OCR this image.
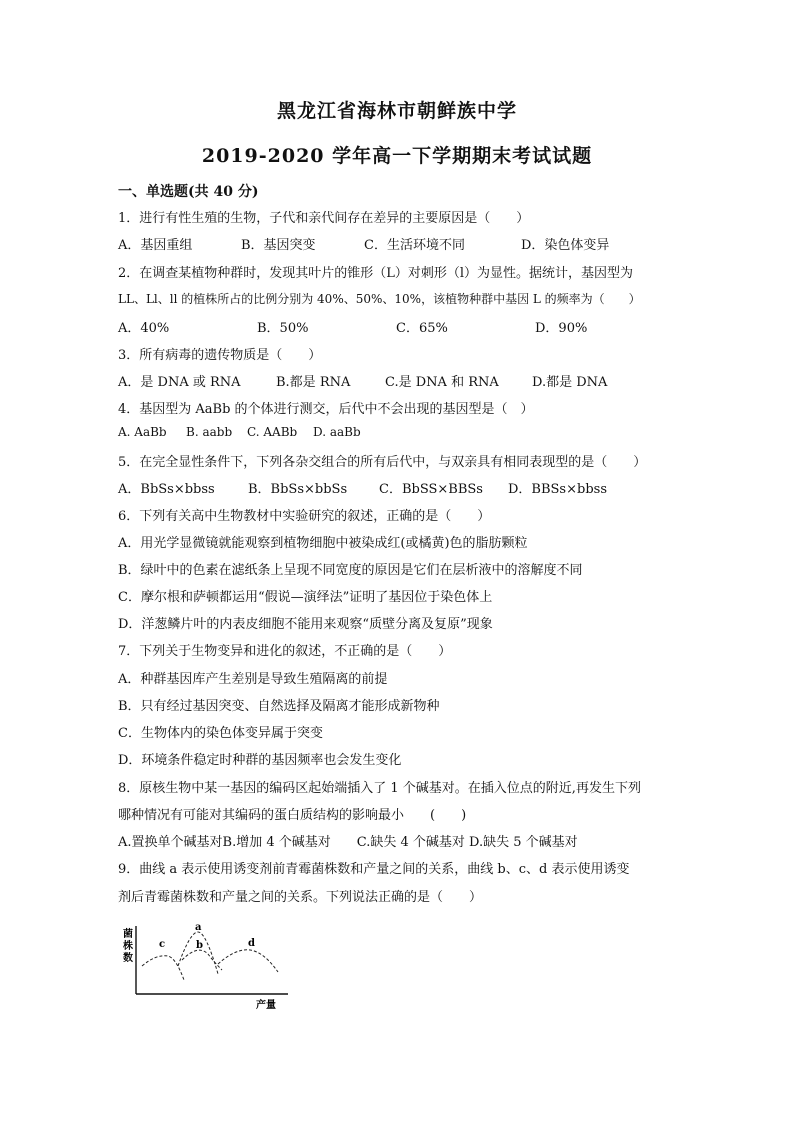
黑龙江省海林市朝鲜族中学
2019-2020 学年高一下学期期末考试试题
一、单选题(共 40 分)
1．进行有性生殖的生物，子代和亲代间存在差异的主要原因是（　　）
A．基因重组	B．基因突变	C．生活环境不同	D．染色体变异
2．在调查某植物种群时，发现其叶片的锥形（L）对刺形（l）为显性。据统计，基因型为
LL、Ll、ll 的植株所占的比例分别为 40%、50%、10%，该植物种群中基因 L 的频率为（　　）
A．40%	B．50%	C．65%	D．90%
3．所有病毒的遗传物质是（　　）
A．是 DNA 或 RNA	B.都是 RNA	C.是 DNA 和 RNA	D.都是 DNA
4．基因型为 AaBb 的个体进行测交，后代中不会出现的基因型是（　）
A. AaBb B. aabb C. AABb D. aaBb
5．在完全显性条件下，下列各杂交组合的所有后代中，与双亲具有相同表现型的是（　　）
A．BbSs×bbss	B．BbSs×bbSs C．BbSS×BBSs D．BBSs×bbss
6．下列有关高中生物教材中实验研究的叙述，正确的是（　　）
A．用光学显微镜就能观察到植物细胞中被染成红(或橘黄)色的脂肪颗粒
B．绿叶中的色素在滤纸条上呈现不同宽度的原因是它们在层析液中的溶解度不同
C．摩尔根和萨顿都运用“假说—演绎法”证明了基因位于染色体上
D．洋葱鳞片叶的内表皮细胞不能用来观察“质壁分离及复原”现象
7．下列关于生物变异和进化的叙述，不正确的是（　　）
A．种群基因库产生差别是导致生殖隔离的前提
B．只有经过基因突变、自然选择及隔离才能形成新物种
C．生物体内的染色体变异属于突变
D．环境条件稳定时种群的基因频率也会发生变化
8．原核生物中某一基因的编码区起始端插入了 1 个碱基对。在插入位点的附近,再发生下列
哪种情况有可能对其编码的蛋白质结构的影响最小　　(　　)
A.置换单个碱基对B.增加 4 个碱基对　　C.缺失 4 个碱基对 D.缺失 5 个碱基对
9．曲线 a 表示使用诱变剂前青霉菌株数和产量之间的关系，曲线 b、c、d 表示使用诱变
剂后青霉菌株数和产量之间的关系。下列说法正确的是（　　）
菌
株
数
产量
a
b
c	d
